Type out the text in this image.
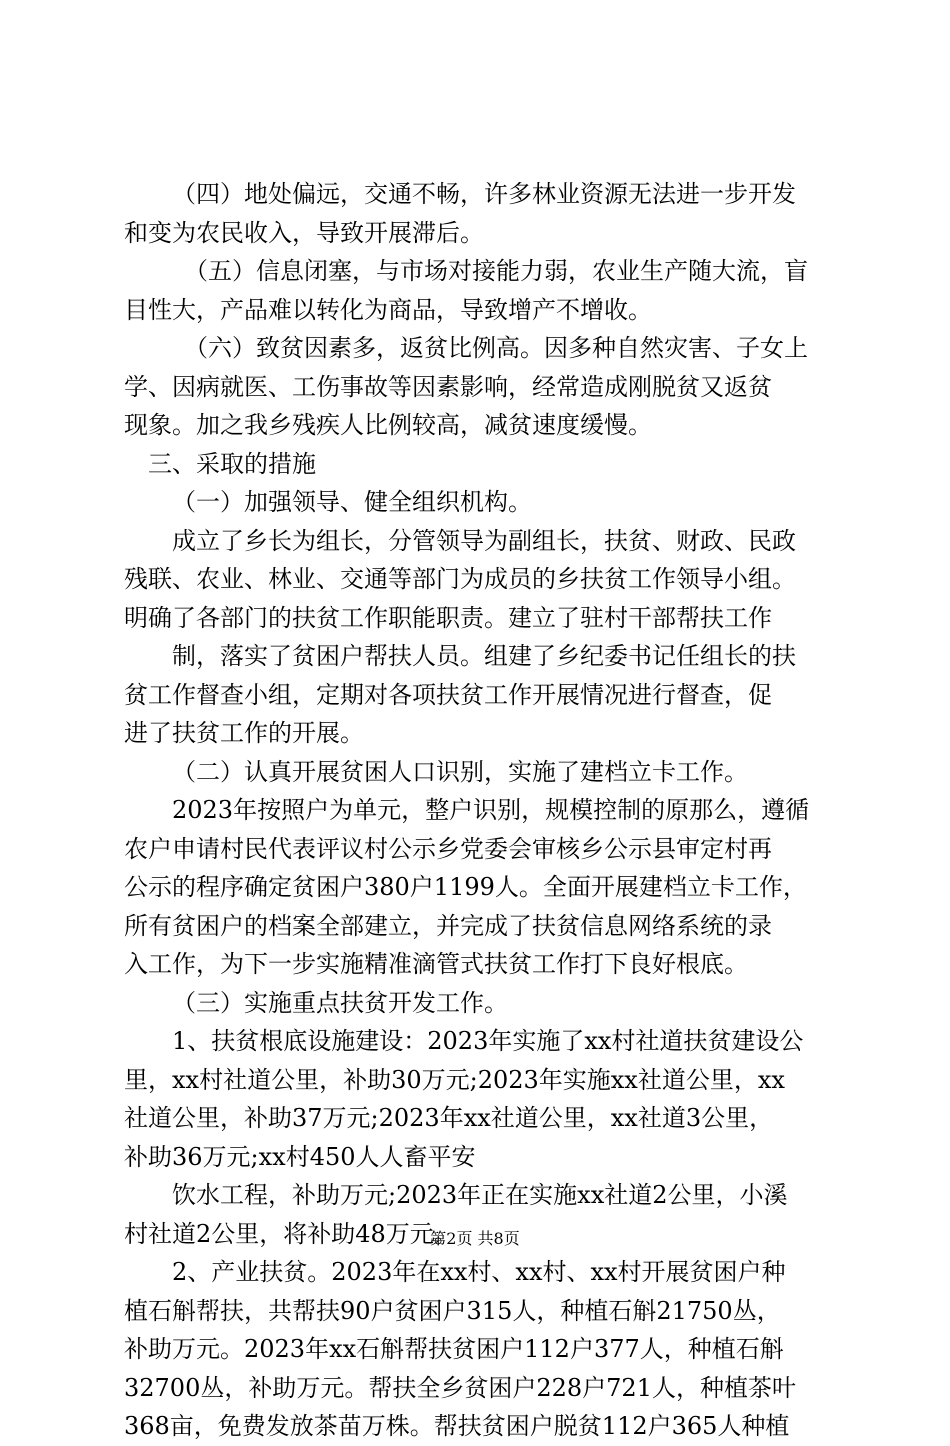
（四）地处偏远，交通不畅，许多林业资源无法进一步开发
和变为农民收入，导致开展滞后。
（五）信息闭塞，与市场对接能力弱，农业生产随大流，盲
目性大，产品难以转化为商品，导致增产不增收。
（六）致贫因素多，返贫比例高。因多种自然灾害、子女上
学、因病就医、工伤事故等因素影响，经常造成刚脱贫又返贫
现象。加之我乡残疾人比例较高，减贫速度缓慢。
三、采取的措施
（一）加强领导、健全组织机构。
成立了乡长为组长，分管领导为副组长，扶贫、财政、民政
残联、农业、林业、交通等部门为成员的乡扶贫工作领导小组。
明确了各部门的扶贫工作职能职责。建立了驻村干部帮扶工作
制，落实了贫困户帮扶人员。组建了乡纪委书记任组长的扶
贫工作督查小组，定期对各项扶贫工作开展情况进行督查，促
进了扶贫工作的开展。
（二）认真开展贫困人口识别，实施了建档立卡工作。
2023年按照户为单元，整户识别，规模控制的原那么，遵循
农户申请村民代表评议村公示乡党委会审核乡公示县审定村再
公示的程序确定贫困户380户1199人。全面开展建档立卡工作，
所有贫困户的档案全部建立，并完成了扶贫信息网络系统的录
入工作，为下一步实施精准滴管式扶贫工作打下良好根底。
（三）实施重点扶贫开发工作。
1、扶贫根底设施建设：2023年实施了xx村社道扶贫建设公
里，xx村社道公里，补助30万元;2023年实施xx社道公里，xx
社道公里，补助37万元;2023年xx社道公里，xx社道3公里，
补助36万元;xx村450人人畜平安
饮水工程，补助万元;2023年正在实施xx社道2公里，小溪
村社道2公里，将补助48万元。
2、产业扶贫。2023年在xx村、xx村、xx村开展贫困户种
植石斛帮扶，共帮扶90户贫困户315人，种植石斛21750丛，
补助万元。2023年xx石斛帮扶贫困户112户377人，种植石斛
32700丛，补助万元。帮扶全乡贫困户228户721人，种植茶叶
368亩，免费发放茶苗万株。帮扶贫困户脱贫112户365人种植
第2页 共8页
